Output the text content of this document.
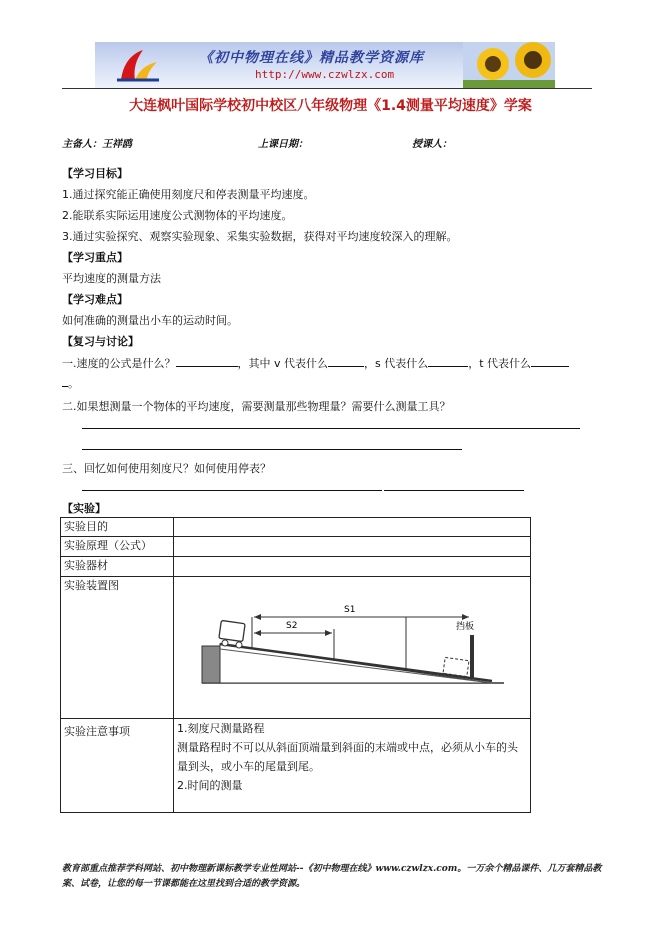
《初中物理在线》精品教学资源库
http://www.czwlzx.com
大连枫叶国际学校初中校区八年级物理《1.4测量平均速度》学案
主备人：王祥鸥	上课日期：	授课人：
【学习目标】
1.通过探究能正确使用刻度尺和停表测量平均速度。
2.能联系实际运用速度公式测物体的平均速度。
3.通过实验探究、观察实验现象、采集实验数据，获得对平均速度较深入的理解。
【学习重点】
平均速度的测量方法
【学习难点】
如何准确的测量出小车的运动时间。
【复习与讨论】
一.速度的公式是什么？	，其中 v 代表什么	，s 代表什么	，t 代表什么
。
二.如果想测量一个物体的平均速度，需要测量那些物理量？需要什么测量工具？
三、回忆如何使用刻度尺？如何使用停表？
【实验】
实验目的	
实验原理（公式）	
实验器材	
实验装置图	S1
S2 挡板

实验注意事项	1.刻度尺测量路程

测量路程时不可以从斜面顶端量到斜面的末端或中点，必须从小车的头量到头，或小车的尾量到尾。

2.时间的测量

教育部重点推荐学科网站、初中物理新课标教学专业性网站--《初中物理在线》www.czwlzx.com。一万余个精品课件、几万套精品教案、试卷，让您的每一节课都能在这里找到合适的教学资源。
